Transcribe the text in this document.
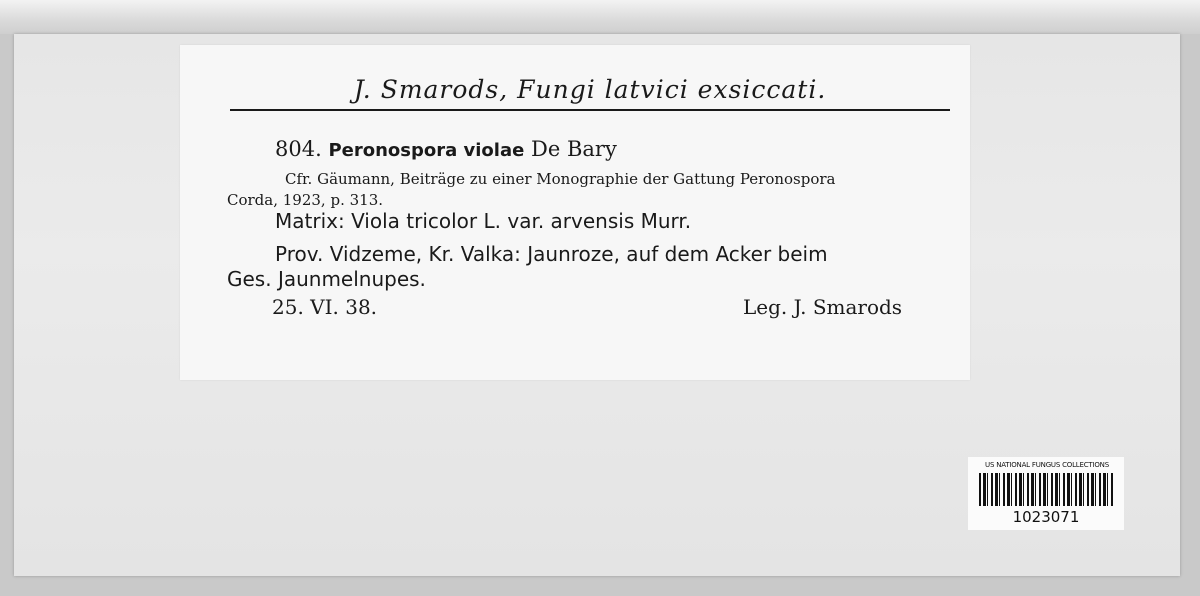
J. Smarods, Fungi latvici exsiccati.
804. Peronospora violae De Bary
Cfr. Gäumann, Beiträge zu einer Monographie der Gattung Peronospora
Corda, 1923, p. 313.
Matrix: Viola tricolor L. var. arvensis Murr.
Prov. Vidzeme, Kr. Valka: Jaunroze, auf dem Acker beim
Ges. Jaunmelnupes.
25. VI. 38.	Leg. J. Smarods
US NATIONAL FUNGUS COLLECTIONS
1023071
